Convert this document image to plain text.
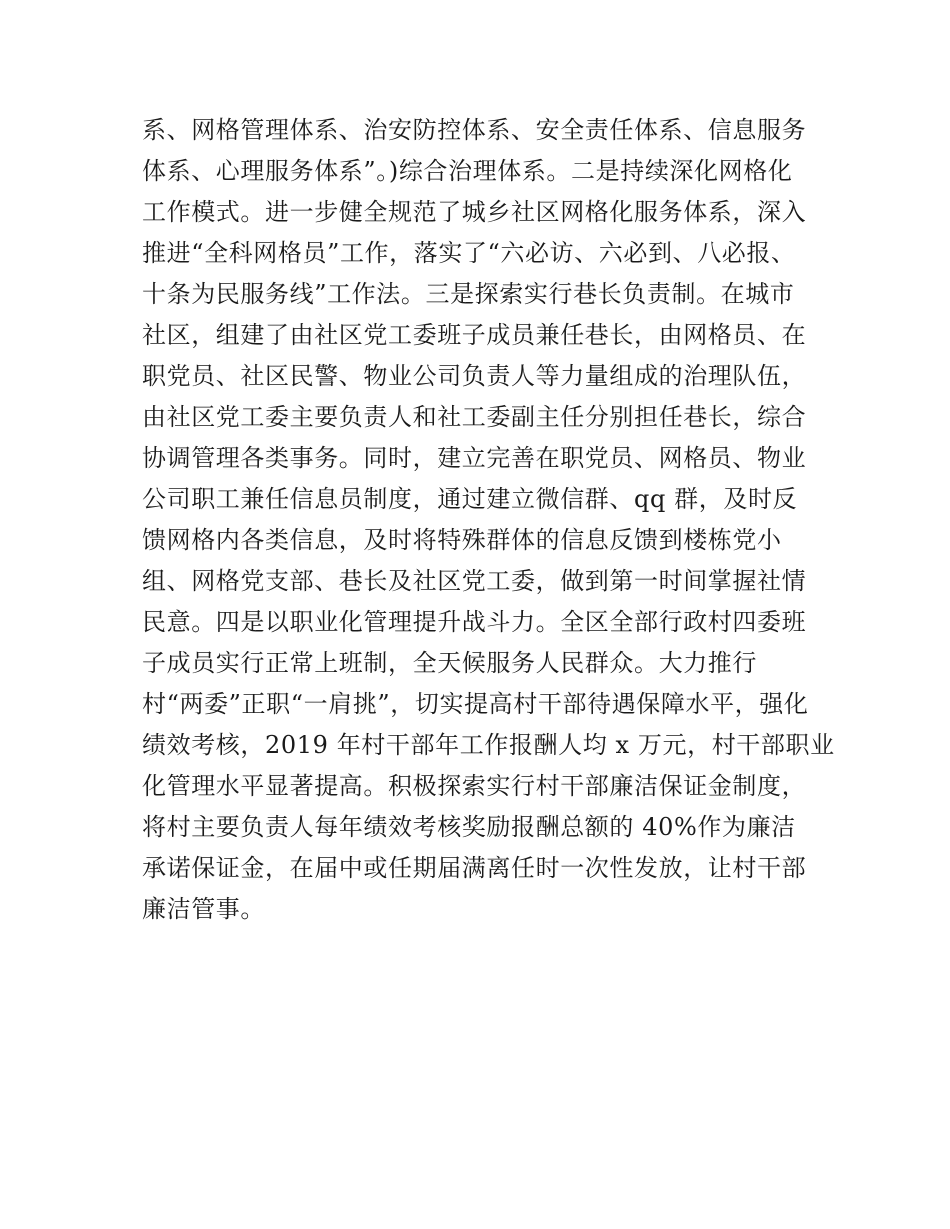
系、网格管理体系、治安防控体系、安全责任体系、信息服务
体系、心理服务体系”。)综合治理体系。二是持续深化网格化
工作模式。进一步健全规范了城乡社区网格化服务体系，深入
推进“全科网格员”工作，落实了“六必访、六必到、八必报、
十条为民服务线”工作法。三是探索实行巷长负责制。在城市
社区，组建了由社区党工委班子成员兼任巷长，由网格员、在
职党员、社区民警、物业公司负责人等力量组成的治理队伍，
由社区党工委主要负责人和社工委副主任分别担任巷长，综合
协调管理各类事务。同时，建立完善在职党员、网格员、物业
公司职工兼任信息员制度，通过建立微信群、qq 群，及时反
馈网格内各类信息，及时将特殊群体的信息反馈到楼栋党小
组、网格党支部、巷长及社区党工委，做到第一时间掌握社情
民意。四是以职业化管理提升战斗力。全区全部行政村四委班
子成员实行正常上班制，全天候服务人民群众。大力推行
村“两委”正职“一肩挑”，切实提高村干部待遇保障水平，强化
绩效考核，2019 年村干部年工作报酬人均 x 万元，村干部职业
化管理水平显著提高。积极探索实行村干部廉洁保证金制度，
将村主要负责人每年绩效考核奖励报酬总额的 40%作为廉洁
承诺保证金，在届中或任期届满离任时一次性发放，让村干部
廉洁管事。
